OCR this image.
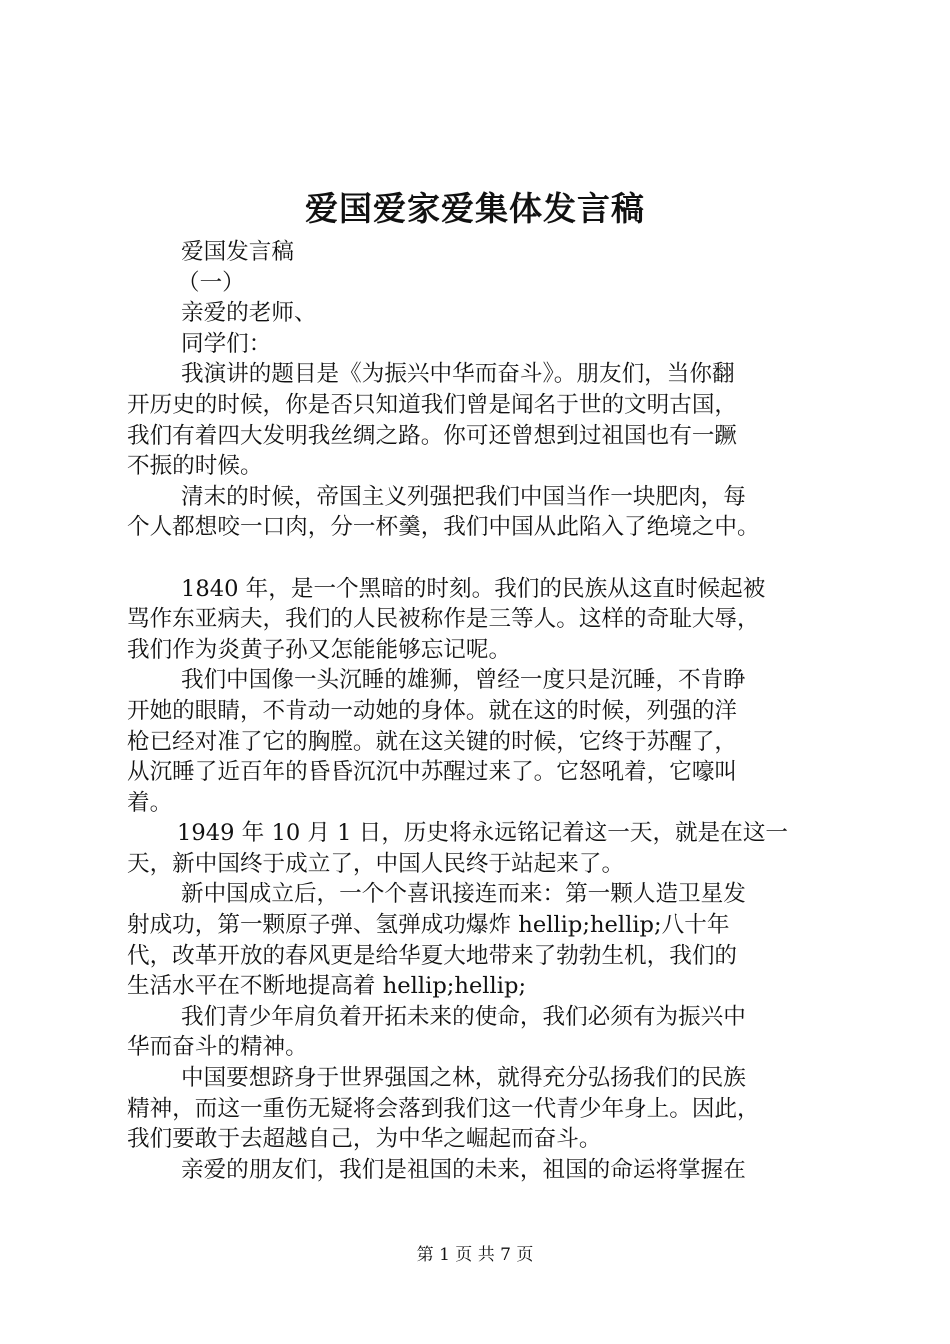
爱国爱家爱集体发言稿
爱国发言稿
（一）
亲爱的老师、
同学们：
我演讲的题目是《为振兴中华而奋斗》。朋友们，当你翻
开历史的时候，你是否只知道我们曾是闻名于世的文明古国，
我们有着四大发明我丝绸之路。你可还曾想到过祖国也有一蹶
不振的时候。
清末的时候，帝国主义列强把我们中国当作一块肥肉，每
个人都想咬一口肉，分一杯羹，我们中国从此陷入了绝境之中。
1840 年，是一个黑暗的时刻。我们的民族从这直时候起被
骂作东亚病夫，我们的人民被称作是三等人。这样的奇耻大辱，
我们作为炎黄子孙又怎能能够忘记呢。
我们中国像一头沉睡的雄狮，曾经一度只是沉睡，不肯睁
开她的眼睛，不肯动一动她的身体。就在这的时候，列强的洋
枪已经对准了它的胸膛。就在这关键的时候，它终于苏醒了，
从沉睡了近百年的昏昏沉沉中苏醒过来了。它怒吼着，它嚎叫
着。
1949 年 10 月 1 日，历史将永远铭记着这一天，就是在这一
天，新中国终于成立了，中国人民终于站起来了。
新中国成立后，一个个喜讯接连而来：第一颗人造卫星发
射成功，第一颗原子弹、氢弹成功爆炸 hellip;hellip;八十年
代，改革开放的春风更是给华夏大地带来了勃勃生机，我们的
生活水平在不断地提高着 hellip;hellip;
我们青少年肩负着开拓未来的使命，我们必须有为振兴中
华而奋斗的精神。
中国要想跻身于世界强国之林，就得充分弘扬我们的民族
精神，而这一重伤无疑将会落到我们这一代青少年身上。因此，
我们要敢于去超越自己，为中华之崛起而奋斗。
亲爱的朋友们，我们是祖国的未来，祖国的命运将掌握在
第 1 页 共 7 页
